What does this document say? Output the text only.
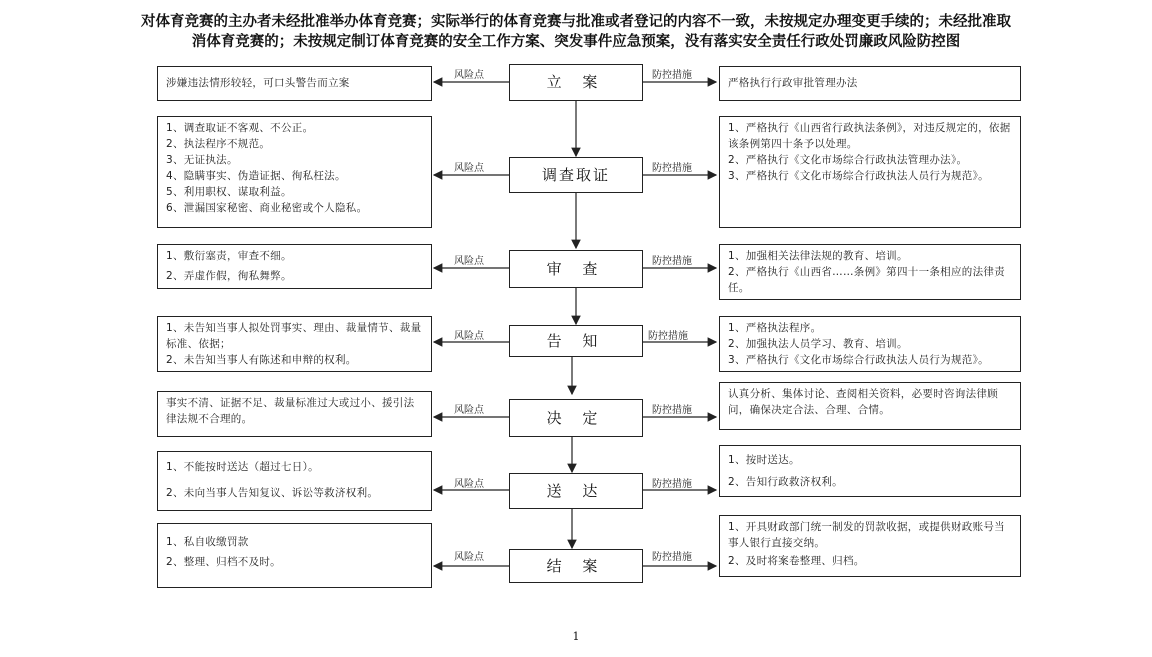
对体育竞赛的主办者未经批准举办体育竞赛；实际举行的体育竞赛与批准或者登记的内容不一致，未按规定办理变更手续的；未经批准取
消体育竞赛的；未按规定制订体育竞赛的安全工作方案、突发事件应急预案，没有落实安全责任行政处罚廉政风险防控图
涉嫌违法情形较轻，可口头警告而立案
风险点	立 案	防控措施
严格执行行政审批管理办法
1、调查取证不客观、不公正。
2、执法程序不规范。
3、无证执法。
4、隐瞒事实、伪造证据、徇私枉法。
5、利用职权、谋取利益。
6、泄漏国家秘密、商业秘密或个人隐私。
风险点	调查取证	防控措施
1、严格执行《山西省行政执法条例》，对违反规定的，依据该条例第四十条予以处理。
2、严格执行《文化市场综合行政执法管理办法》。
3、严格执行《文化市场综合行政执法人员行为规范》。
1、敷衍塞责，审查不细。
2、弄虚作假，徇私舞弊。
风险点	审 查	防控措施	1、加强相关法律法规的教育、培训。
2、严格执行《山西省……条例》第四十一条相应的法律责任。
1、未告知当事人拟处罚事实、理由、裁量情节、裁量标准、依据；
2、未告知当事人有陈述和申辩的权利。
风险点	告 知	防控措施
1、严格执法程序。
2、加强执法人员学习、教育、培训。
3、严格执行《文化市场综合行政执法人员行为规范》。
事实不清、证据不足、裁量标准过大或过小、援引法律法规不合理的。
风险点	决 定	防控措施
认真分析、集体讨论、查阅相关资料，必要时咨询法律顾问，确保决定合法、合理、合情。
1、不能按时送达（超过七日）。
2、未向当事人告知复议、诉讼等救济权利。
风险点	送 达	防控措施
1、按时送达。
2、告知行政救济权利。
1、私自收缴罚款
2、整理、归档不及时。	风险点	结 案	防控措施
1、开具财政部门统一制发的罚款收据，或提供财政账号当事人银行直接交纳。
2、及时将案卷整理、归档。
1
